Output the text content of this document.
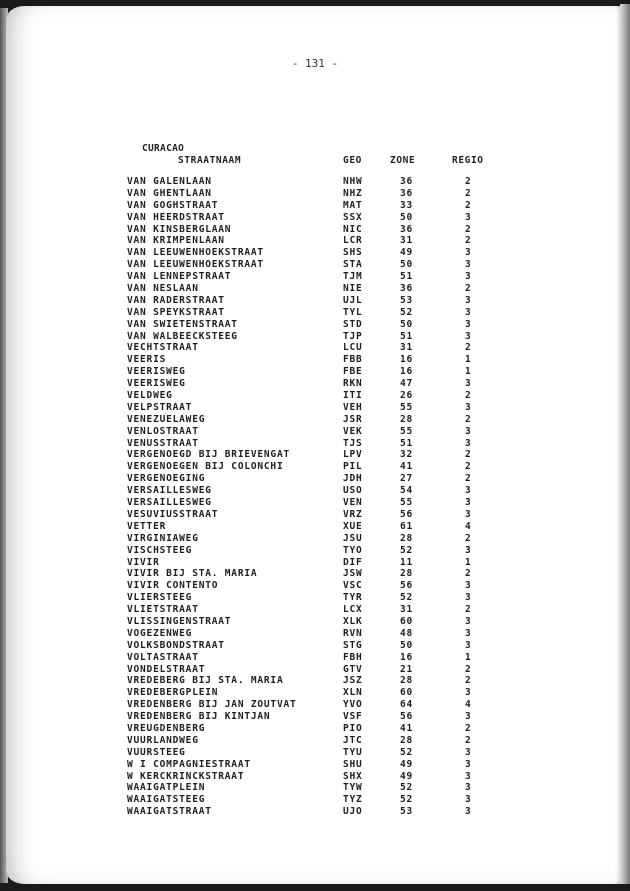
- 131 -
CURACAO
STRAATNAAM	GEO	ZONE	REGIO
VAN GALENLAAN	NHW	36	2
VAN GHENTLAAN	NHZ	36	2
VAN GOGHSTRAAT	MAT	33	2
VAN HEERDSTRAAT	SSX	50	3
VAN KINSBERGLAAN	NIC	36	2
VAN KRIMPENLAAN	LCR	31	2
VAN LEEUWENHOEKSTRAAT	SHS	49	3
VAN LEEUWENHOEKSTRAAT	STA	50	3
VAN LENNEPSTRAAT	TJM	51	3
VAN NESLAAN	NIE	36	2
VAN RADERSTRAAT	UJL	53	3
VAN SPEYKSTRAAT	TYL	52	3
VAN SWIETENSTRAAT	STD	50	3
VAN WALBEECKSTEEG	TJP	51	3
VECHTSTRAAT	LCU	31	2
VEERIS	FBB	16	1
VEERISWEG	FBE	16	1
VEERISWEG	RKN	47	3
VELDWEG	ITI	26	2
VELPSTRAAT	VEH	55	3
VENEZUELAWEG	JSR	28	2
VENLOSTRAAT	VEK	55	3
VENUSSTRAAT	TJS	51	3
VERGENOEGD BIJ BRIEVENGAT	LPV	32	2
VERGENOEGEN BIJ COLONCHI	PIL	41	2
VERGENOEGING	JDH	27	2
VERSAILLESWEG	USO	54	3
VERSAILLESWEG	VEN	55	3
VESUVIUSSTRAAT	VRZ	56	3
VETTER	XUE	61	4
VIRGINIAWEG	JSU	28	2
VISCHSTEEG	TYO	52	3
VIVIR	DIF	11	1
VIVIR BIJ STA. MARIA	JSW	28	2
VIVIR CONTENTO	VSC	56	3
VLIERSTEEG	TYR	52	3
VLIETSTRAAT	LCX	31	2
VLISSINGENSTRAAT	XLK	60	3
VOGEZENWEG	RVN	48	3
VOLKSBONDSTRAAT	STG	50	3
VOLTASTRAAT	FBH	16	1
VONDELSTRAAT	GTV	21	2
VREDEBERG BIJ STA. MARIA	JSZ	28	2
VREDEBERGPLEIN	XLN	60	3
VREDENBERG BIJ JAN ZOUTVAT	YVO	64	4
VREDENBERG BIJ KINTJAN	VSF	56	3
VREUGDENBERG	PIO	41	2
VUURLANDWEG	JTC	28	2
VUURSTEEG	TYU	52	3
W I COMPAGNIESTRAAT	SHU	49	3
W KERCKRINCKSTRAAT	SHX	49	3
WAAIGATPLEIN	TYW	52	3
WAAIGATSTEEG	TYZ	52	3
WAAIGATSTRAAT	UJO	53	3
